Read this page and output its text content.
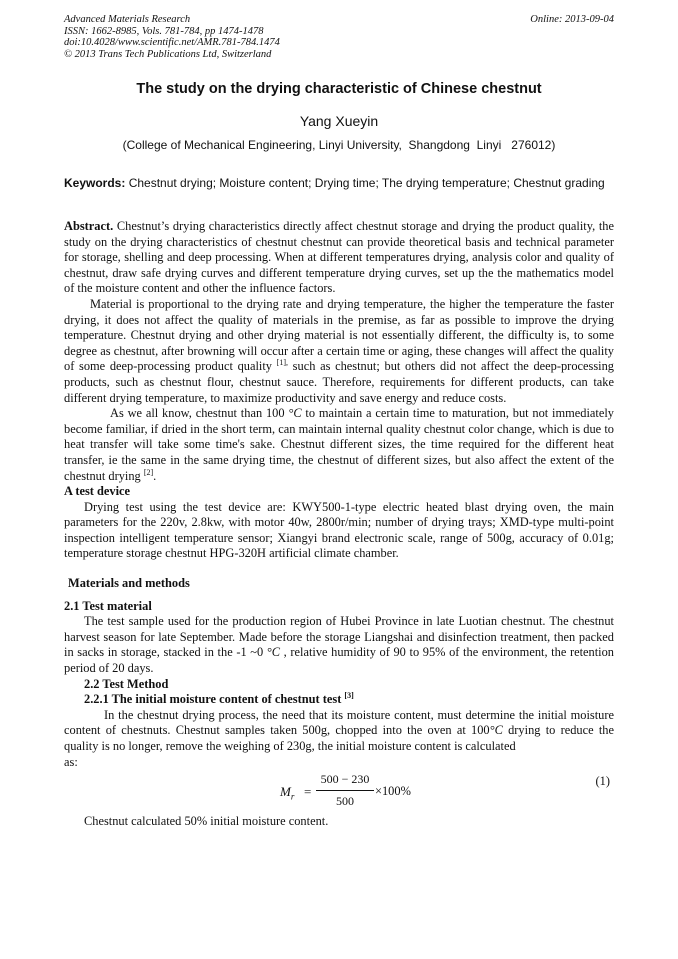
Advanced Materials Research
ISSN: 1662-8985, Vols. 781-784, pp 1474-1478
doi:10.4028/www.scientific.net/AMR.781-784.1474
© 2013 Trans Tech Publications Ltd, Switzerland
Online: 2013-09-04
The study on the drying characteristic of Chinese chestnut
Yang Xueyin
(College of Mechanical Engineering, Linyi University,  Shangdong  Linyi   276012)
Keywords: Chestnut drying; Moisture content; Drying time; The drying temperature; Chestnut grading

Abstract. Chestnut’s drying characteristics directly affect chestnut storage and drying the product quality, the study on the drying characteristics of chestnut chestnut can provide theoretical basis and technical parameter for storage, shelling and deep processing. When at different temperatures drying, analysis color and quality of chestnut, draw safe drying curves and different temperature drying curves, set up the the mathematics model of the moisture content and other the influence factors.

Material is proportional to the drying rate and drying temperature, the higher the temperature the faster drying, it does not affect the quality of materials in the premise, as far as possible to improve the drying temperature. Chestnut drying and other drying material is not essentially different, the difficulty is, to some degree as chestnut, after browning will occur after a certain time or aging, these changes will affect the quality of some deep-processing product quality $^{[1],}$ such as chestnut; but others did not affect the deep-processing products, such as chestnut flour, chestnut sauce. Therefore, requirements for different products, can take different drying temperature, to maximize productivity and save energy and reduce costs.

As we all know, chestnut than 100 °C to maintain a certain time to maturation, but not immediately become familiar, if dried in the short term, can maintain internal quality chestnut color change, which is due to heat transfer will take some time's sake. Chestnut different sizes, the time required for the different heat transfer, ie the same in the same drying time, the chestnut of different sizes, but also affect the extent of the chestnut drying [2].

A test device

Drying test using the test device are: KWY500-1-type electric heated blast drying oven, the main parameters for the 220v, 2.8kw, with motor 40w, 2800r/min; number of drying trays; XMD-type multi-point inspection intelligent temperature sensor; Xiangyi brand electronic scale, range of 500g, accuracy of 0.01g; temperature storage chestnut HPG-320H artificial climate chamber.

Materials and methods

2.1 Test material

The test sample used for the production region of Hubei Province in late Luotian chestnut. The chestnut harvest season for late September. Made before the storage Liangshai and disinfection treatment, then packed in sacks in storage, stacked in the -1 ~0 °C , relative humidity of 90 to 95% of the environment, the retention period of 20 days.

2.2 Test Method

2.2.1 The initial moisture content of chestnut test [3]

In the chestnut drying process, the need that its moisture content, must determine the initial moisture content of chestnuts. Chestnut samples taken 500g, chopped into the oven at 100°C drying to reduce the quality is no longer, remove the weighing of 230g, the initial moisture content is calculated

as:

$M_r = \frac{500 - 230}{500} \times 100\%$
(1)

Chestnut calculated 50% initial moisture content.
